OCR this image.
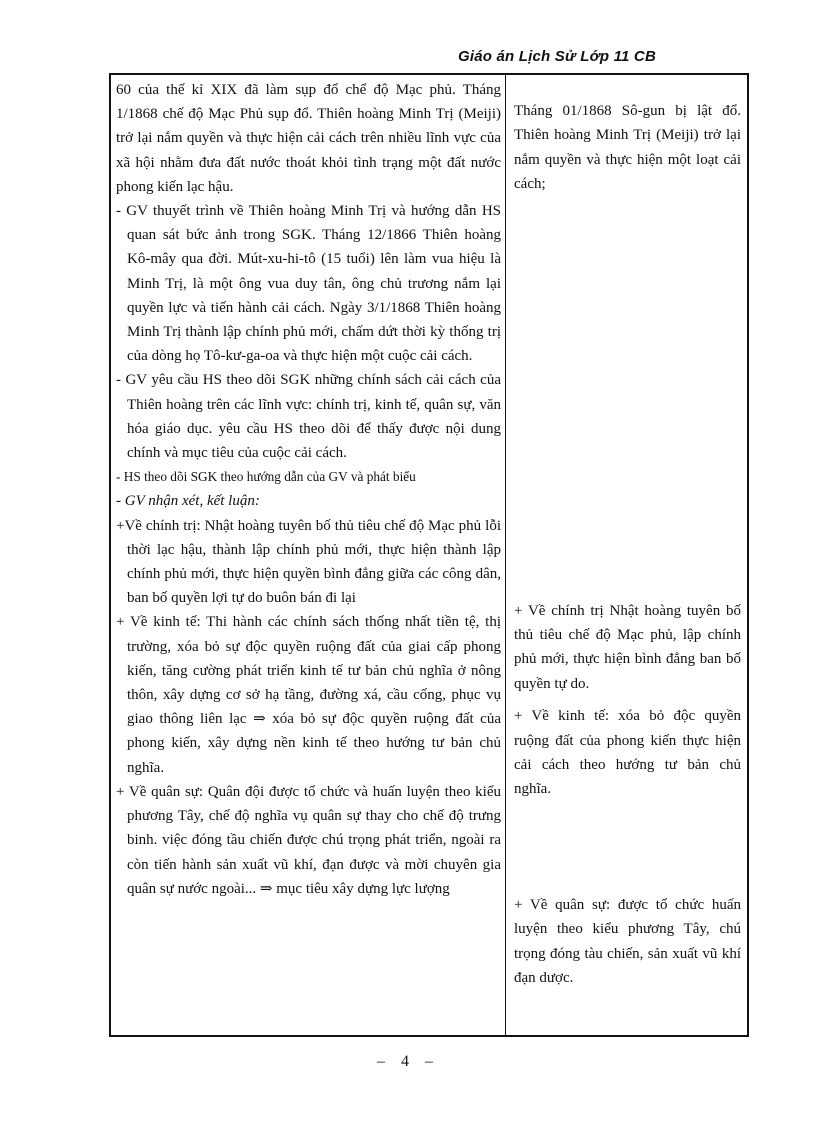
Giáo án Lịch Sử Lớp 11 CB

60 của thế kỉ XIX đã làm sụp đổ chế độ Mạc phủ. Tháng 1/1868 chế độ Mạc Phủ sụp đổ. Thiên hoàng Minh Trị (Meiji) trở lại nắm quyền và thực hiện cải cách trên nhiều lĩnh vực của xã hội nhằm đưa đất nước thoát khỏi tình trạng một đất nước phong kiến lạc hậu.

- GV thuyết trình về Thiên hoàng Minh Trị và hướng dẫn HS quan sát bức ảnh trong SGK. Tháng 12/1866 Thiên hoàng Kô-mây qua đời. Mút-xu-hi-tô (15 tuổi) lên làm vua hiệu là Minh Trị, là một ông vua duy tân, ông chủ trương nắm lại quyền lực và tiến hành cải cách. Ngày 3/1/1868 Thiên hoàng Minh Trị thành lập chính phủ mới, chấm dứt thời kỳ thống trị của dòng họ Tô-kư-ga-oa và thực hiện một cuộc cải cách.

- GV yêu cầu HS theo dõi SGK những chính sách cải cách của Thiên hoàng trên các lĩnh vực: chính trị, kinh tế, quân sự, văn hóa giáo dục. yêu cầu HS theo dõi để thấy được nội dung chính và mục tiêu của cuộc cải cách.

- HS theo dõi SGK theo hướng dẫn của GV và phát biểu

- GV nhận xét, kết luận:

+Về chính trị: Nhật hoàng tuyên bố thủ tiêu chế độ Mạc phủ lỗi thời lạc hậu, thành lập chính phủ mới, thực hiện thành lập chính phủ mới, thực hiện quyền bình đẳng giữa các công dân, ban bố quyền lợi tự do buôn bán đi lại

+ Về kinh tế: Thi hành các chính sách thống nhất tiền tệ, thị trường, xóa bỏ sự độc quyền ruộng đất của giai cấp phong kiến, tăng cường phát triển kinh tế tư bản chủ nghĩa ở nông thôn, xây dựng cơ sở hạ tầng, đường xá, cầu cống, phục vụ giao thông liên lạc ⇒ xóa bỏ sự độc quyền ruộng đất của phong kiến, xây dựng nền kinh tế theo hướng tư bản chủ nghĩa.

+ Về quân sự: Quân đội được tổ chức và huấn luyện theo kiểu phương Tây, chế độ nghĩa vụ quân sự thay cho chế độ trưng binh. việc đóng tầu chiến được chú trọng phát triển, ngoài ra còn tiến hành sản xuất vũ khí, đạn được và mời chuyên gia quân sự nước ngoài... ⇒ mục tiêu xây dựng lực lượng

Tháng 01/1868 Sô-gun bị lật đổ. Thiên hoàng Minh Trị (Meiji) trở lại nắm quyền và thực hiện một loạt cải cách;

+ Về chính trị Nhật hoàng tuyên bố thủ tiêu chế độ Mạc phủ, lập chính phủ mới, thực hiện bình đẳng ban bố quyền tự do.

+ Về kinh tế: xóa bỏ độc quyền ruộng đất của phong kiến thực hiện cải cách theo hướng tư bản chủ nghĩa.

+ Về quân sự: được tổ chức huấn luyện theo kiểu phương Tây, chú trọng đóng tàu chiến, sản xuất vũ khí đạn dược.

– 4 –
